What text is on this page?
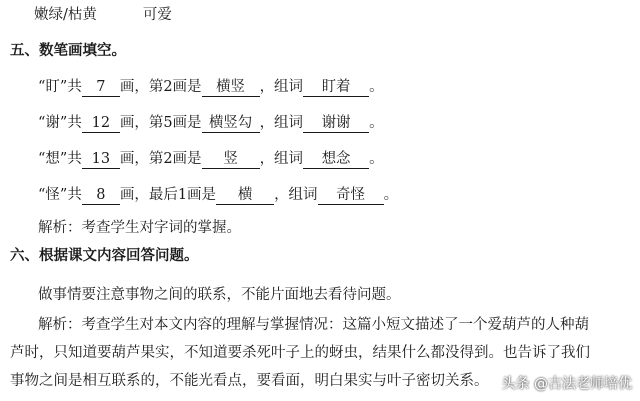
嫩绿/枯黄	可爱
五、数笔画填空。
“盯”共 7 画，第2画是 横竖 ，组词 盯着 。
“谢”共 12 画，第5画是 横竖勾 ，组词 谢谢 。
“想”共 13 画，第2画是 竖 ，组词 想念 。
“怪”共 8 画，最后1画是 横 ，组词 奇怪 。
解析：考查学生对字词的掌握。
六、根据课文内容回答问题。
做事情要注意事物之间的联系，不能片面地去看待问题。
解析：考查学生对本文内容的理解与掌握情况：这篇小短文描述了一个爱葫芦的人种葫
芦时，只知道要葫芦果实，不知道要杀死叶子上的蚜虫，结果什么都没得到。也告诉了我们
事物之间是相互联系的，不能光看点，要看面，明白果实与叶子密切关系。 头条 @古法老师培优
